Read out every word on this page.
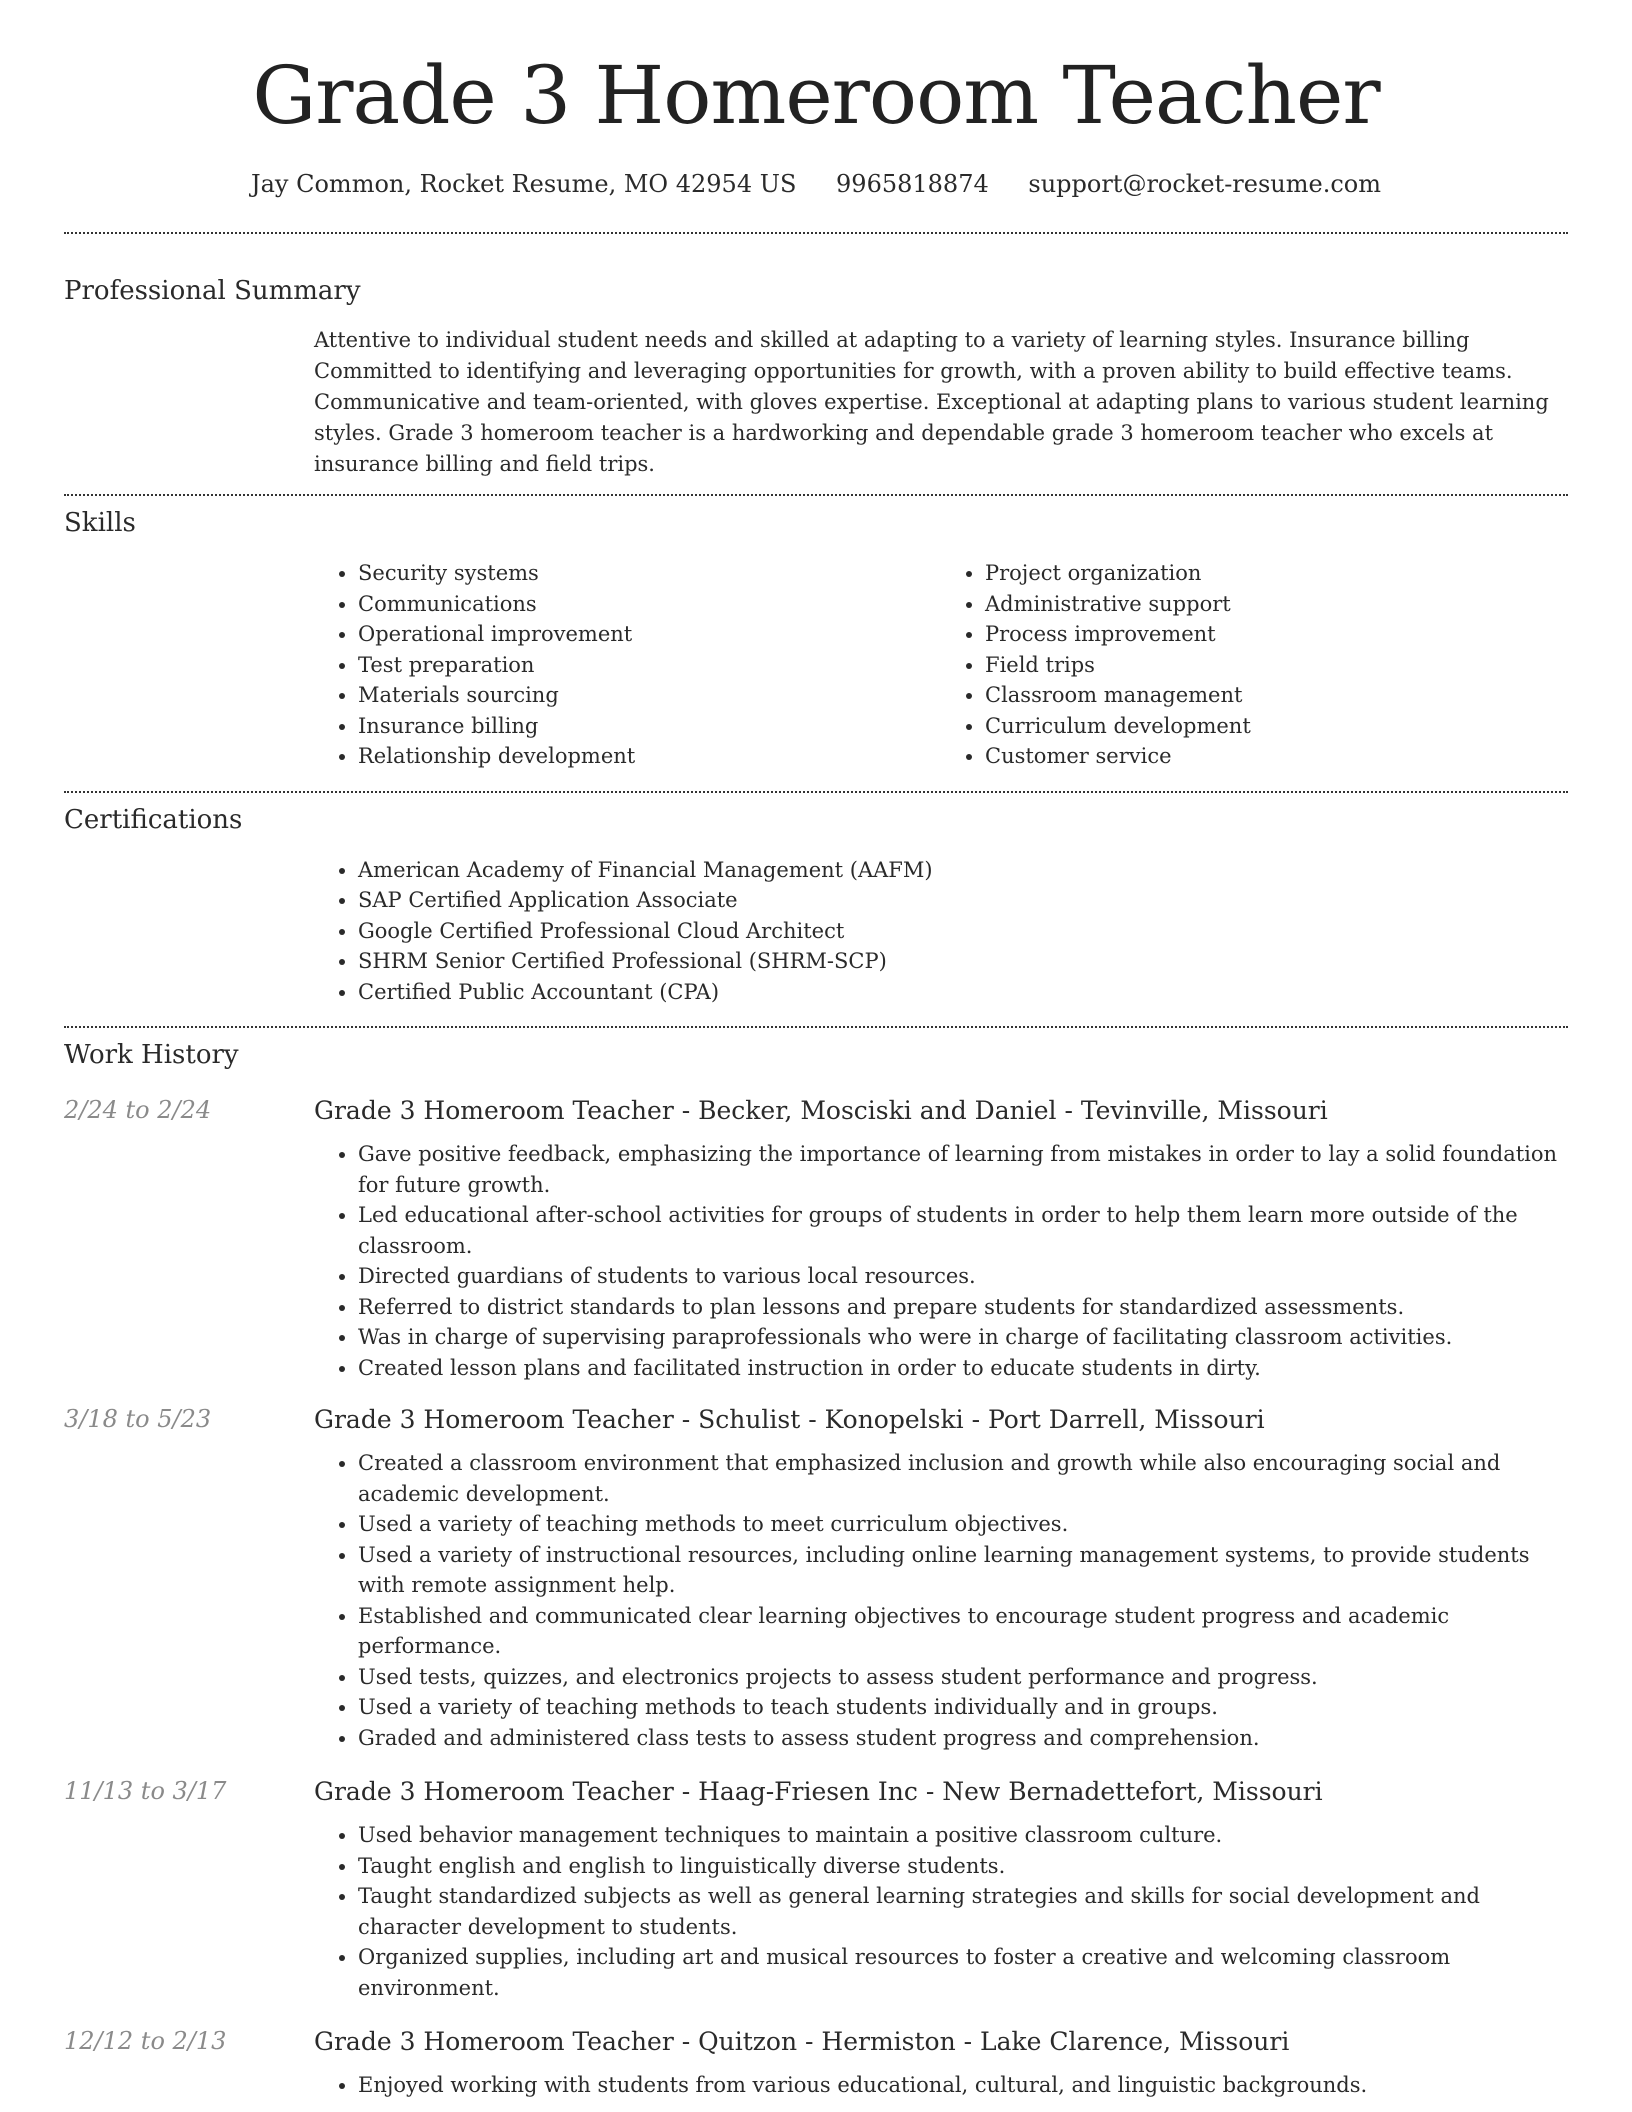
Grade 3 Homeroom Teacher
Jay Common, Rocket Resume, MO 42954 US 9965818874 support@rocket-resume.com
Professional Summary
Attentive to individual student needs and skilled at adapting to a variety of learning styles. Insurance billing Committed to identifying and leveraging opportunities for growth, with a proven ability to build effective teams. Communicative and team-oriented, with gloves expertise. Exceptional at adapting plans to various student learning styles. Grade 3 homeroom teacher is a hardworking and dependable grade 3 homeroom teacher who excels at insurance billing and field trips.
Skills
• Security systems
• Communications
• Operational improvement
• Test preparation
• Materials sourcing
• Insurance billing
• Relationship development
• Project organization
• Administrative support
• Process improvement
• Field trips
• Classroom management
• Curriculum development
• Customer service
Certifications
• American Academy of Financial Management (AAFM)
• SAP Certified Application Associate
• Google Certified Professional Cloud Architect
• SHRM Senior Certified Professional (SHRM-SCP)
• Certified Public Accountant (CPA)
Work History
2/24 to 2/24	Grade 3 Homeroom Teacher - Becker, Mosciski and Daniel - Tevinville, Missouri
• Gave positive feedback, emphasizing the importance of learning from mistakes in order to lay a solid foundation for future growth.
• Led educational after-school activities for groups of students in order to help them learn more outside of the classroom.
• Directed guardians of students to various local resources.
• Referred to district standards to plan lessons and prepare students for standardized assessments.
• Was in charge of supervising paraprofessionals who were in charge of facilitating classroom activities.
• Created lesson plans and facilitated instruction in order to educate students in dirty.
3/18 to 5/23	Grade 3 Homeroom Teacher - Schulist - Konopelski - Port Darrell, Missouri
• Created a classroom environment that emphasized inclusion and growth while also encouraging social and academic development.
• Used a variety of teaching methods to meet curriculum objectives.
• Used a variety of instructional resources, including online learning management systems, to provide students with remote assignment help.
• Established and communicated clear learning objectives to encourage student progress and academic performance.
• Used tests, quizzes, and electronics projects to assess student performance and progress.
• Used a variety of teaching methods to teach students individually and in groups.
• Graded and administered class tests to assess student progress and comprehension.
11/13 to 3/17	Grade 3 Homeroom Teacher - Haag-Friesen Inc - New Bernadettefort, Missouri
• Used behavior management techniques to maintain a positive classroom culture.
• Taught english and english to linguistically diverse students.
• Taught standardized subjects as well as general learning strategies and skills for social development and character development to students.
• Organized supplies, including art and musical resources to foster a creative and welcoming classroom environment.
12/12 to 2/13	Grade 3 Homeroom Teacher - Quitzon - Hermiston - Lake Clarence, Missouri
• Enjoyed working with students from various educational, cultural, and linguistic backgrounds.
